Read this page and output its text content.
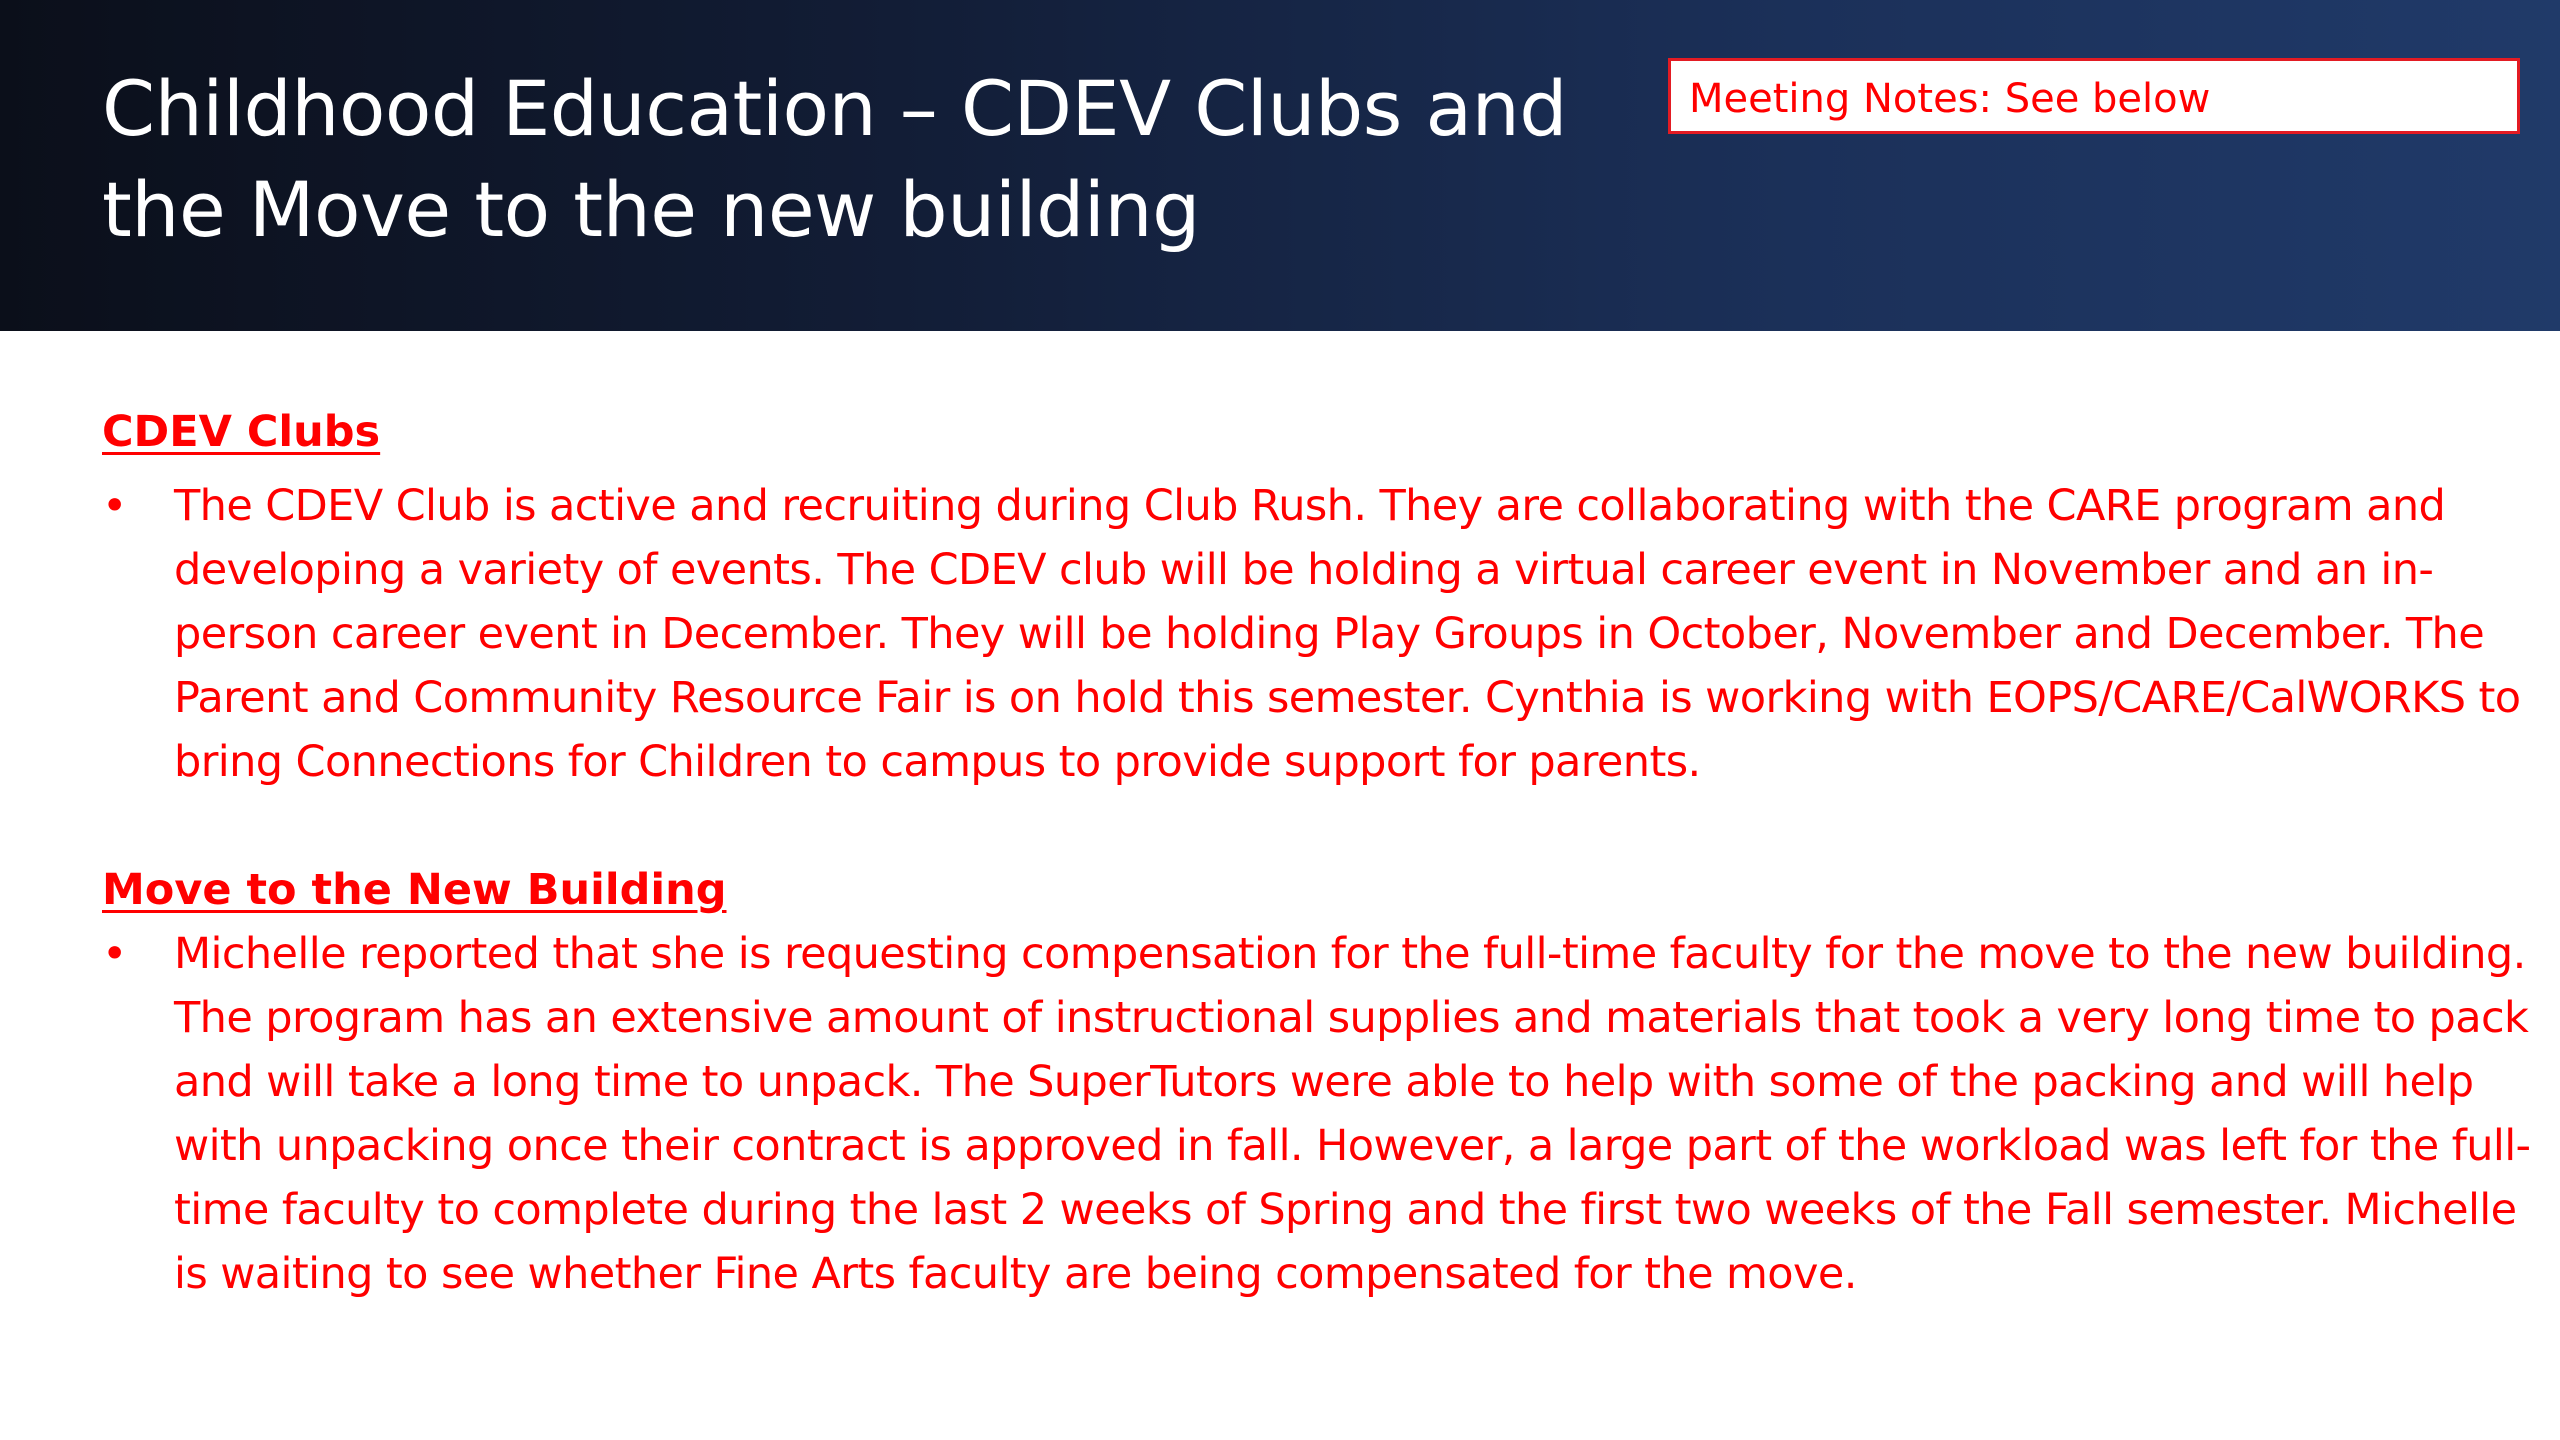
Childhood Education – CDEV Clubs and the Move to the new building
Meeting Notes: See below
CDEV Clubs
•	The CDEV Club is active and recruiting during Club Rush. They are collaborating with the CARE program and developing a variety of events. The CDEV club will be holding a virtual career event in November and an in-person career event in December. They will be holding Play Groups in October, November and December. The Parent and Community Resource Fair is on hold this semester. Cynthia is working with EOPS/CARE/CalWORKS to bring Connections for Children to campus to provide support for parents.
Move to the New Building
•	Michelle reported that she is requesting compensation for the full-time faculty for the move to the new building. The program has an extensive amount of instructional supplies and materials that took a very long time to pack and will take a long time to unpack. The SuperTutors were able to help with some of the packing and will help with unpacking once their contract is approved in fall. However, a large part of the workload was left for the full-time faculty to complete during the last 2 weeks of Spring and the first two weeks of the Fall semester. Michelle is waiting to see whether Fine Arts faculty are being compensated for the move.
